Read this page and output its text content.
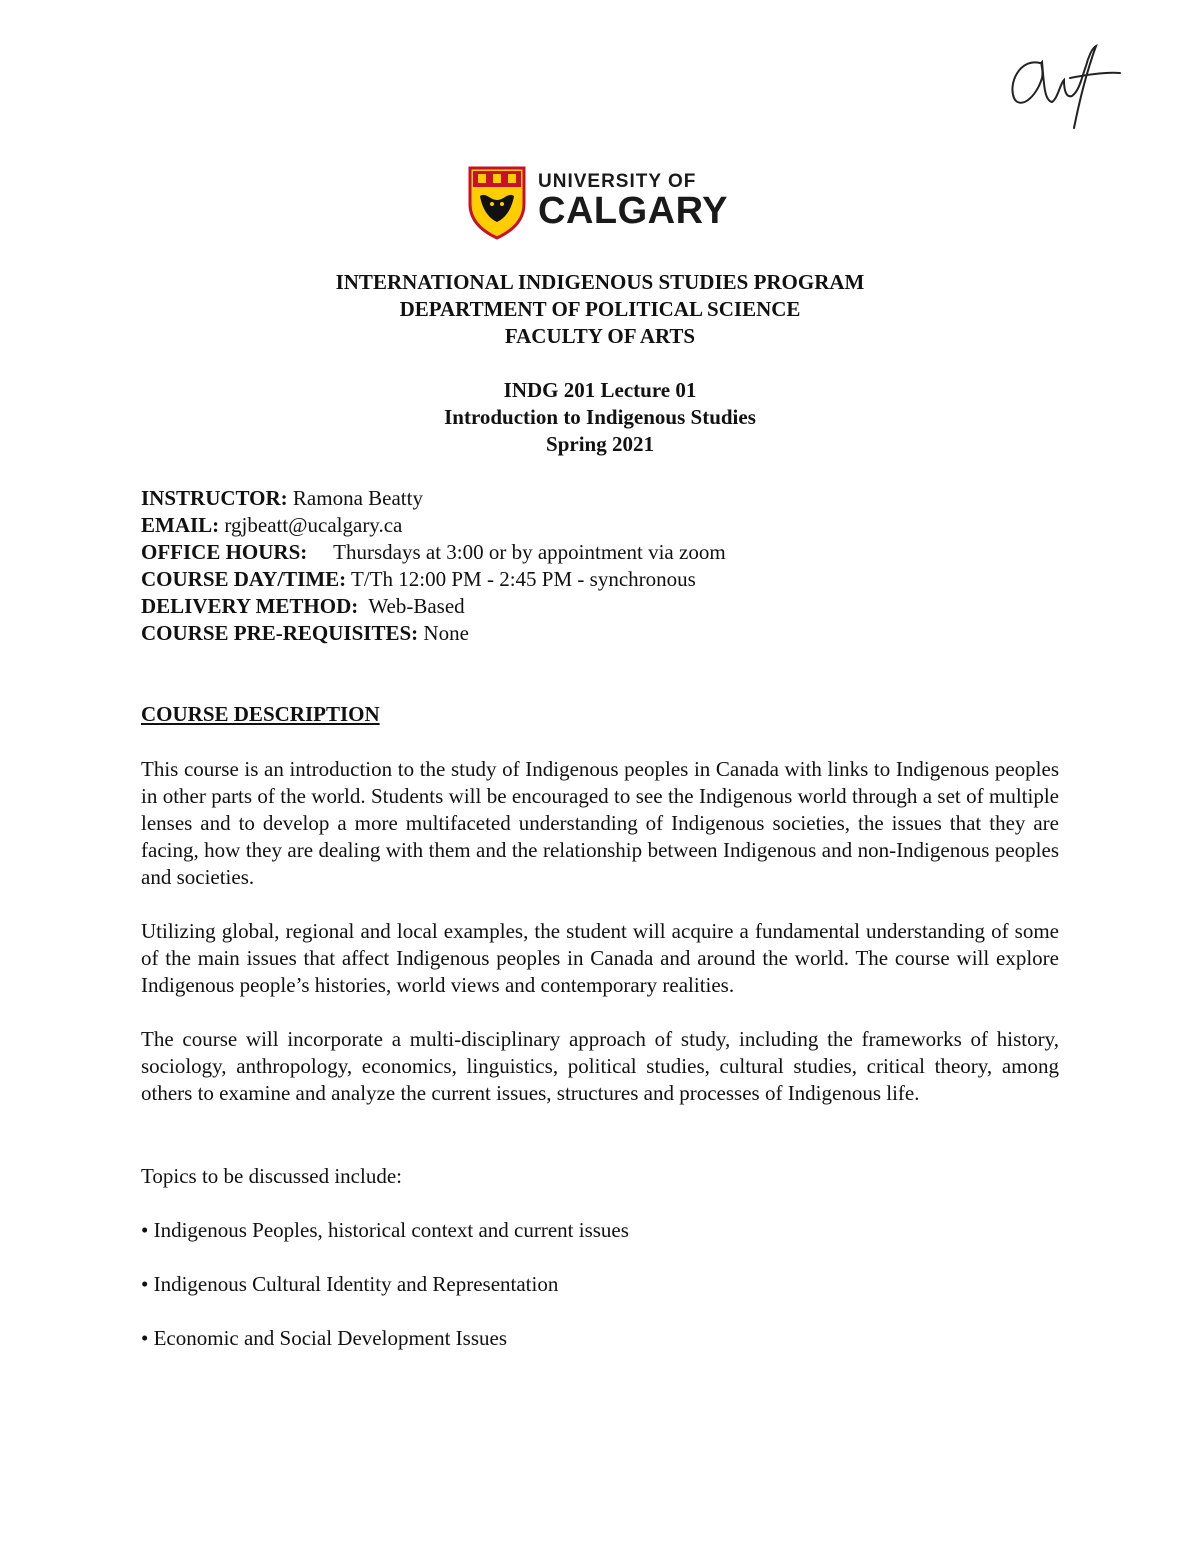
UNIVERSITY OF
CALGARY
INTERNATIONAL INDIGENOUS STUDIES PROGRAM
DEPARTMENT OF POLITICAL SCIENCE
FACULTY OF ARTS
INDG 201 Lecture 01
Introduction to Indigenous Studies
Spring 2021
INSTRUCTOR: Ramona Beatty
EMAIL: rgjbeatt@ucalgary.ca
OFFICE HOURS: Thursdays at 3:00 or by appointment via zoom
COURSE DAY/TIME: T/Th 12:00 PM - 2:45 PM - synchronous
DELIVERY METHOD: Web-Based
COURSE PRE-REQUISITES: None
COURSE DESCRIPTION
This course is an introduction to the study of Indigenous peoples in Canada with links to Indigenous peoples in other parts of the world. Students will be encouraged to see the Indigenous world through a set of multiple lenses and to develop a more multifaceted understanding of Indigenous societies, the issues that they are facing, how they are dealing with them and the relationship between Indigenous and non-Indigenous peoples and societies.
Utilizing global, regional and local examples, the student will acquire a fundamental understanding of some of the main issues that affect Indigenous peoples in Canada and around the world. The course will explore Indigenous people’s histories, world views and contemporary realities.
The course will incorporate a multi-disciplinary approach of study, including the frameworks of history, sociology, anthropology, economics, linguistics, political studies, cultural studies, critical theory, among others to examine and analyze the current issues, structures and processes of Indigenous life.
Topics to be discussed include:
• Indigenous Peoples, historical context and current issues
• Indigenous Cultural Identity and Representation
• Economic and Social Development Issues
